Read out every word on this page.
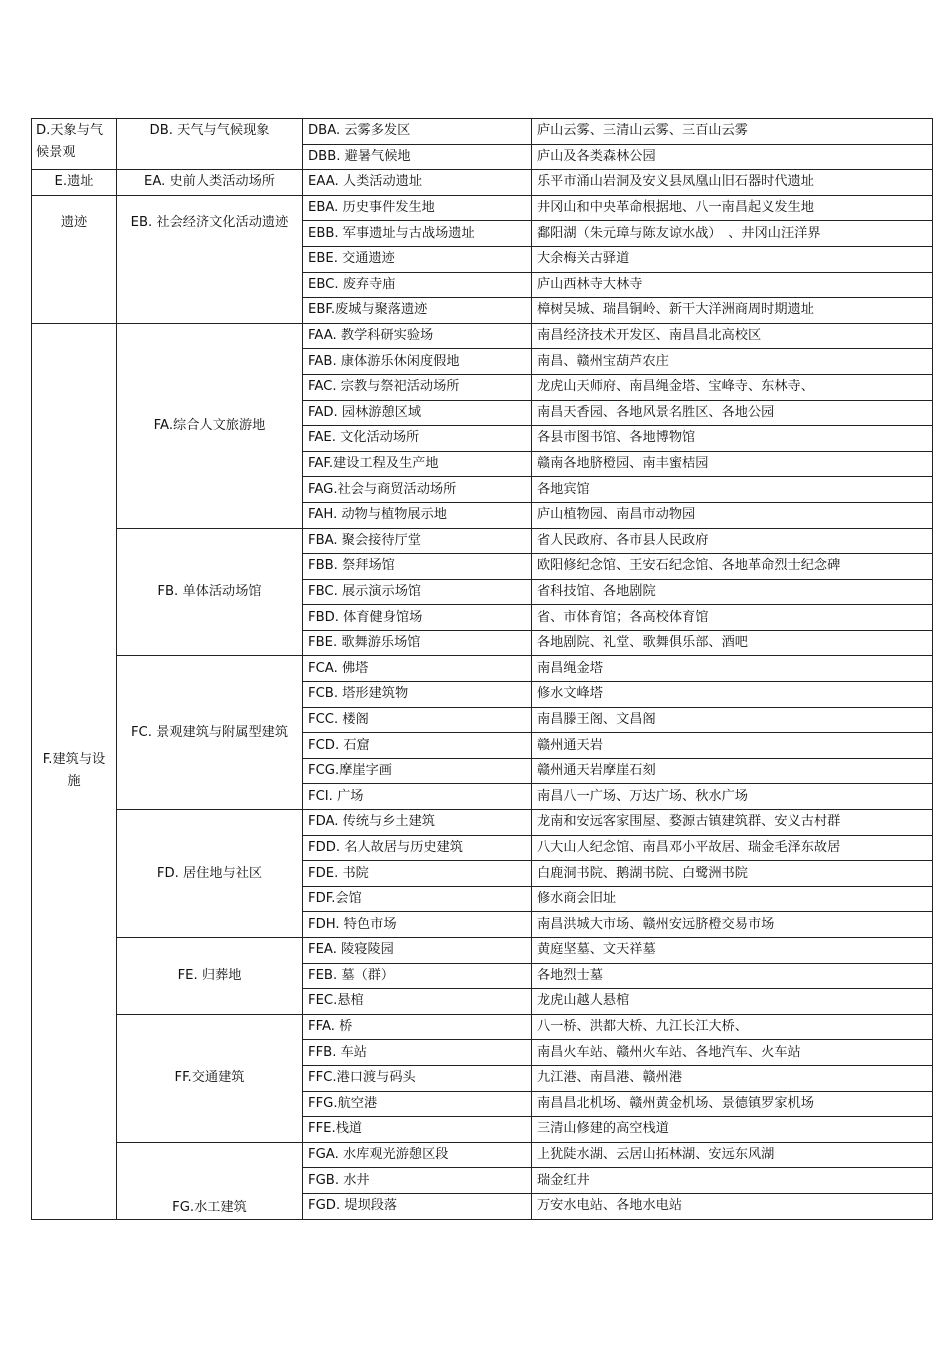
D.天象与气候景观	DB. 天气与气候现象	DBA. 云雾多发区	庐山云雾、三清山云雾、三百山云雾
		DBB. 避暑气候地	庐山及各类森林公园
E.遗址	EA. 史前人类活动场所	EAA. 人类活动遗址	乐平市涌山岩洞及安义县凤凰山旧石器时代遗址
遗迹	EB. 社会经济文化活动遗迹	EBA. 历史事件发生地	井冈山和中央革命根据地、八一南昌起义发生地
		EBB. 军事遗址与古战场遗址	鄱阳湖（朱元璋与陈友谅水战）　、井冈山汪洋界
		EBE. 交通遗迹	大余梅关古驿道
		EBC. 废弃寺庙	庐山西林寺大林寺
		EBF.废城与聚落遗迹	樟树吴城、瑞昌铜岭、新干大洋洲商周时期遗址
F.建筑与设施	FA.综合人文旅游地	FAA. 教学科研实验场	南昌经济技术开发区、南昌昌北高校区
		FAB. 康体游乐休闲度假地	南昌、赣州宝葫芦农庄
		FAC. 宗教与祭祀活动场所	龙虎山天师府、南昌绳金塔、宝峰寺、东林寺、
		FAD. 园林游憩区域	南昌天香园、各地风景名胜区、各地公园
		FAE. 文化活动场所	各县市图书馆、各地博物馆
		FAF.建设工程及生产地	赣南各地脐橙园、南丰蜜桔园
		FAG.社会与商贸活动场所	各地宾馆
		FAH. 动物与植物展示地	庐山植物园、南昌市动物园
	FB. 单体活动场馆	FBA. 聚会接待厅堂	省人民政府、各市县人民政府
		FBB. 祭拜场馆	欧阳修纪念馆、王安石纪念馆、各地革命烈士纪念碑
		FBC. 展示演示场馆	省科技馆、各地剧院
		FBD. 体育健身馆场	省、市体育馆；各高校体育馆
		FBE. 歌舞游乐场馆	各地剧院、礼堂、歌舞俱乐部、酒吧
	FC. 景观建筑与附属型建筑	FCA. 佛塔	南昌绳金塔
		FCB. 塔形建筑物	修水文峰塔
		FCC. 楼阁	南昌滕王阁、文昌阁
		FCD. 石窟	赣州通天岩
		FCG.摩崖字画	赣州通天岩摩崖石刻
		FCI. 广场	南昌八一广场、万达广场、秋水广场
	FD. 居住地与社区	FDA. 传统与乡土建筑	龙南和安远客家围屋、婺源古镇建筑群、安义古村群
		FDD. 名人故居与历史建筑	八大山人纪念馆、南昌邓小平故居、瑞金毛泽东故居
		FDE. 书院	白鹿洞书院、鹅湖书院、白鹭洲书院
		FDF.会馆	修水商会旧址
		FDH. 特色市场	南昌洪城大市场、赣州安远脐橙交易市场
	FE. 归葬地	FEA. 陵寝陵园	黄庭坚墓、文天祥墓
		FEB. 墓（群）	各地烈士墓
		FEC.悬棺	龙虎山越人悬棺
	FF.交通建筑	FFA. 桥	八一桥、洪都大桥、九江长江大桥、
		FFB. 车站	南昌火车站、赣州火车站、各地汽车、火车站
		FFC.港口渡与码头	九江港、南昌港、赣州港
		FFG.航空港	南昌昌北机场、赣州黄金机场、景德镇罗家机场
		FFE.栈道	三清山修建的高空栈道
	FG.水工建筑	FGA. 水库观光游憩区段	上犹陡水湖、云居山拓林湖、安远东风湖
		FGB. 水井	瑞金红井
		FGD. 堤坝段落	万安水电站、各地水电站
